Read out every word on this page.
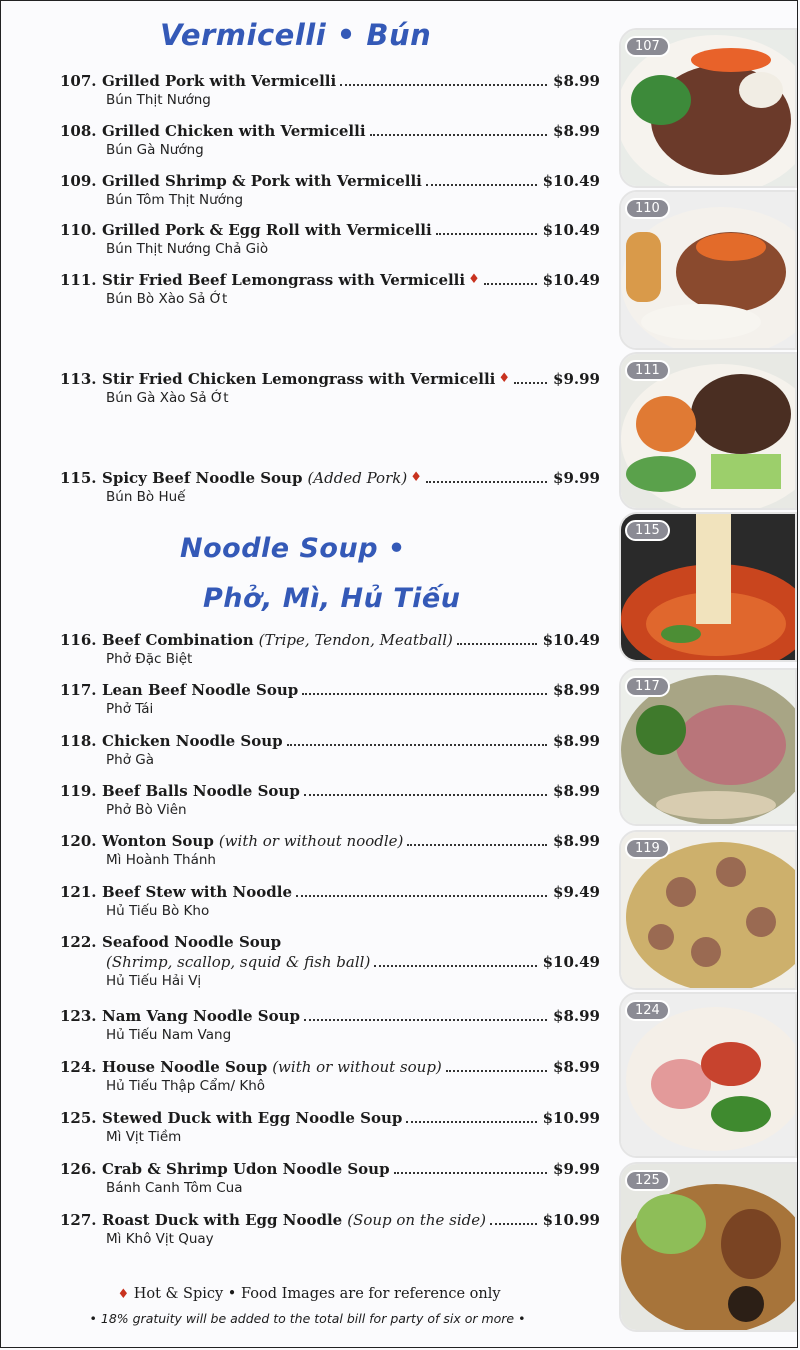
Vermicelli • Bún
107. Grilled Pork with Vermicelli	$8.99
Bún Thịt Nướng
108. Grilled Chicken with Vermicelli	$8.99
Bún Gà Nướng
109. Grilled Shrimp & Pork with Vermicelli	$10.49
Bún Tôm Thịt Nướng
110. Grilled Pork & Egg Roll with Vermicelli	$10.49
Bún Thịt Nướng Chả Giò
111. Stir Fried Beef Lemongrass with Vermicelli ♦	$10.49
Bún Bò Xào Sả Ớt
113. Stir Fried Chicken Lemongrass with Vermicelli ♦	$9.99
Bún Gà Xào Sả Ớt
115. Spicy Beef Noodle Soup (Added Pork) ♦	$9.99
Bún Bò Huế
Noodle Soup •
Phở, Mì, Hủ Tiếu
116. Beef Combination (Tripe, Tendon, Meatball)	$10.49
Phở Đặc Biệt
117. Lean Beef Noodle Soup	$8.99
Phở Tái
118. Chicken Noodle Soup	$8.99
Phở Gà
119. Beef Balls Noodle Soup	$8.99
Phở Bò Viên
120. Wonton Soup (with or without noodle)	$8.99
Mì Hoành Thánh
121. Beef Stew with Noodle	$9.49
Hủ Tiếu Bò Kho
122. Seafood Noodle Soup
(Shrimp, scallop, squid & fish ball)	$10.49
Hủ Tiếu Hải Vị
123. Nam Vang Noodle Soup	$8.99
Hủ Tiếu Nam Vang
124. House Noodle Soup (with or without soup)	$8.99
Hủ Tiếu Thập Cẩm/ Khô
125. Stewed Duck with Egg Noodle Soup	$10.99
Mì Vịt Tiềm
126. Crab & Shrimp Udon Noodle Soup	$9.99
Bánh Canh Tôm Cua
127. Roast Duck with Egg Noodle (Soup on the side)	$10.99
Mì Khô Vịt Quay
♦ Hot & Spicy • Food Images are for reference only
• 18% gratuity will be added to the total bill for party of six or more •
107
110
111
115
117
119
124
125
